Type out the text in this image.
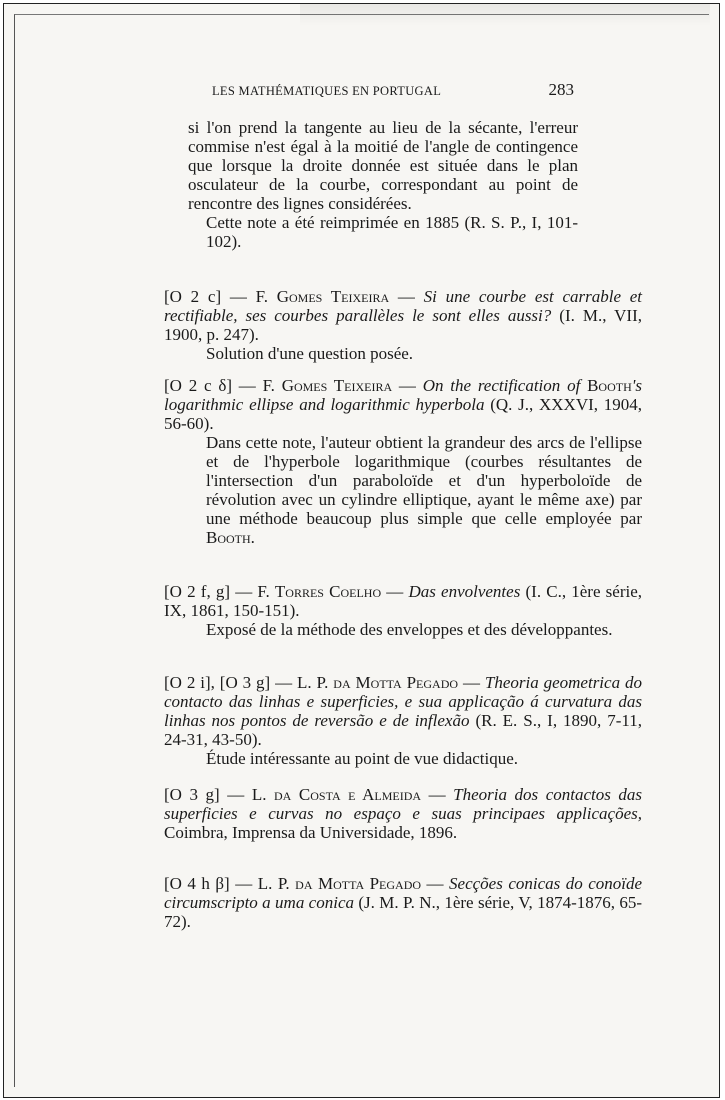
LES MATHÉMATIQUES EN PORTUGAL	283

si l'on prend la tangente au lieu de la sécante, l'erreur commise n'est égal à la moitié de l'angle de contingence que lorsque la droite donnée est située dans le plan osculateur de la courbe, correspondant au point de rencontre des lignes considérées.

Cette note a été reimprimée en 1885 (R. S. P., I, 101-102).

[O 2 c] — F. Gomes Teixeira — Si une courbe est carrable et rectifiable, ses courbes parallèles le sont elles aussi? (I. M., VII, 1900, p. 247).

Solution d'une question posée.

[O 2 c δ] — F. Gomes Teixeira — On the rectification of Booth's logarithmic ellipse and logarithmic hyperbola (Q. J., XXXVI, 1904, 56-60).

Dans cette note, l'auteur obtient la grandeur des arcs de l'ellipse et de l'hyperbole logarithmique (courbes résultantes de l'intersection d'un paraboloïde et d'un hyperboloïde de révolution avec un cylindre elliptique, ayant le même axe) par une méthode beaucoup plus simple que celle employée par Booth.

[O 2 f, g] — F. Torres Coelho — Das envolventes (I. C., 1ère série, IX, 1861, 150-151).

Exposé de la méthode des enveloppes et des développantes.

[O 2 i], [O 3 g] — L. P. da Motta Pegado — Theoria geometrica do contacto das linhas e superficies, e sua applicação á curvatura das linhas nos pontos de reversão e de inflexão (R. E. S., I, 1890, 7-11, 24-31, 43-50).

Étude intéressante au point de vue didactique.

[O 3 g] — L. da Costa e Almeida — Theoria dos contactos das superficies e curvas no espaço e suas principaes applicações, Coimbra, Imprensa da Universidade, 1896.

[O 4 h β] — L. P. da Motta Pegado — Secções conicas do conoïde circumscripto a uma conica (J. M. P. N., 1ère série, V, 1874-1876, 65-72).
